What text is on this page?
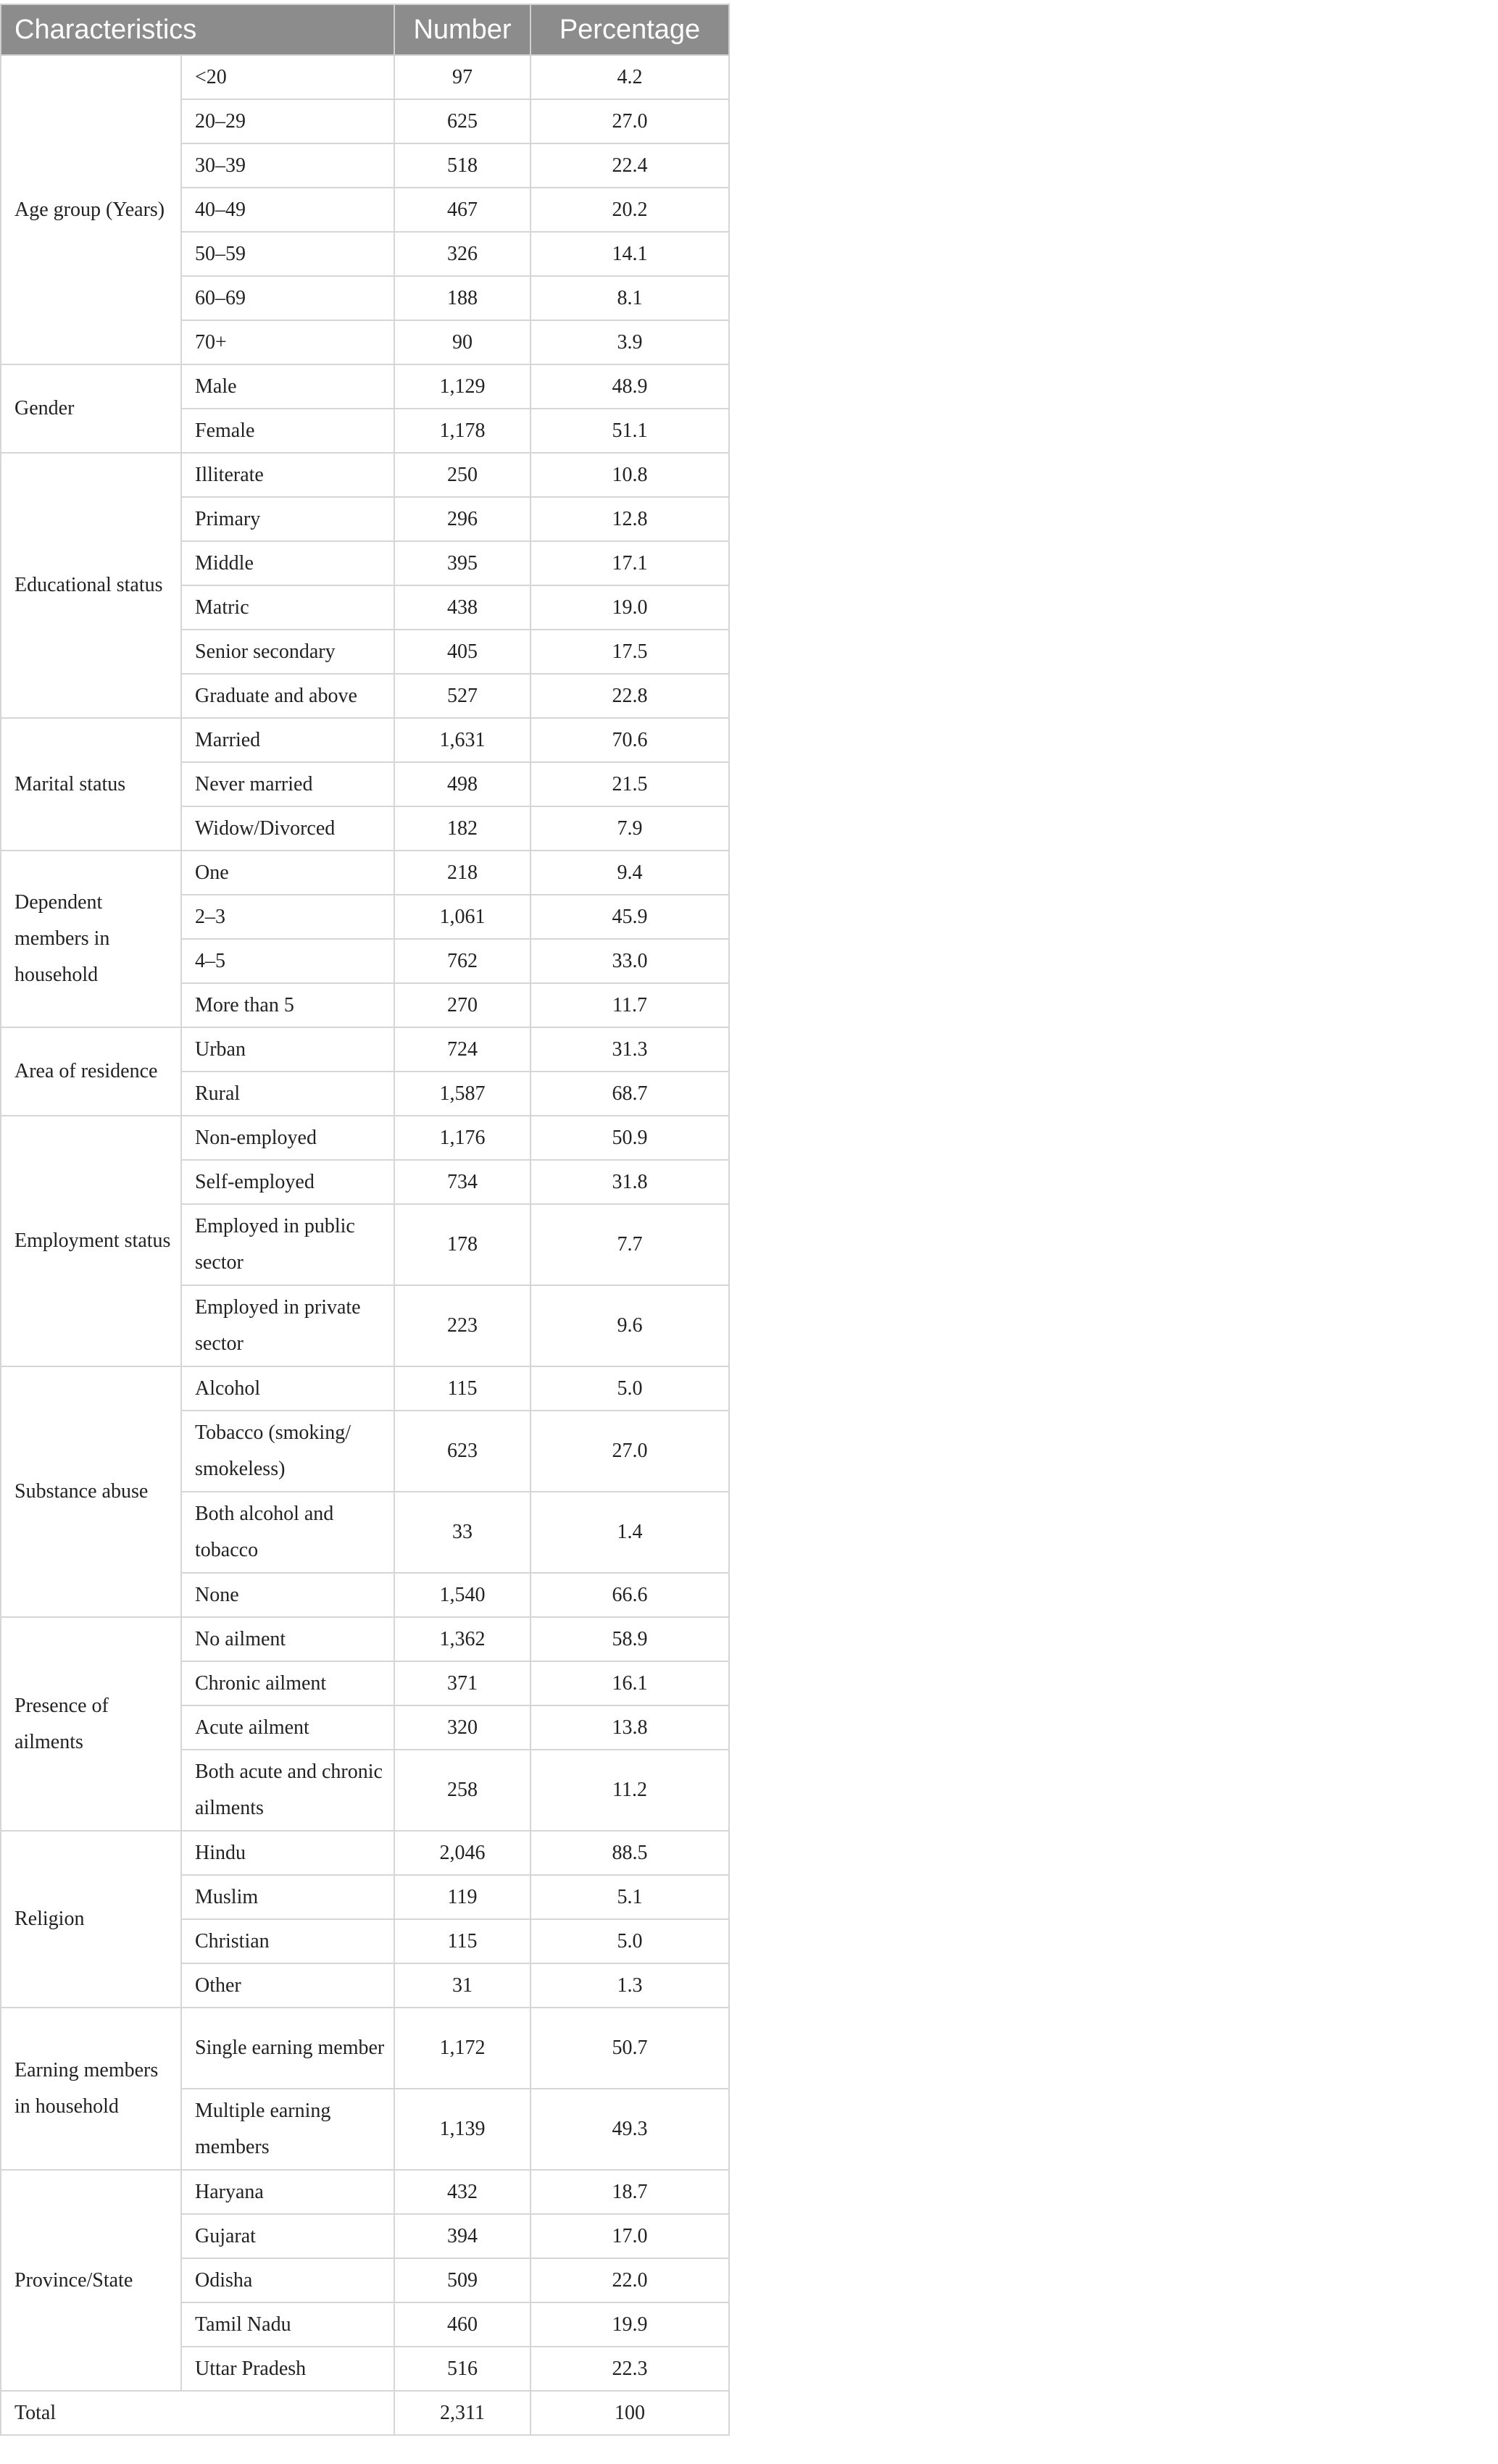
Characteristics		Number	Percentage
Age group (Years)	<20	97	4.2
	20–29	625	27.0
	30–39	518	22.4
	40–49	467	20.2
	50–59	326	14.1
	60–69	188	8.1
	70+	90	3.9
Gender	Male	1,129	48.9
	Female	1,178	51.1
Educational status	Illiterate	250	10.8
	Primary	296	12.8
	Middle	395	17.1
	Matric	438	19.0
	Senior secondary	405	17.5
	Graduate and above	527	22.8
Marital status	Married	1,631	70.6
	Never married	498	21.5
	Widow/Divorced	182	7.9
Dependent members in household	One	218	9.4
	2–3	1,061	45.9
	4–5	762	33.0
	More than 5	270	11.7
Area of residence	Urban	724	31.3
	Rural	1,587	68.7
Employment status	Non-employed	1,176	50.9
	Self-employed	734	31.8
	Employed in public sector	178	7.7
	Employed in private sector	223	9.6
Substance abuse	Alcohol	115	5.0
	Tobacco (smoking/ smokeless)	623	27.0
	Both alcohol and tobacco	33	1.4
	None	1,540	66.6
Presence of ailments	No ailment	1,362	58.9
	Chronic ailment	371	16.1
	Acute ailment	320	13.8
	Both acute and chronic ailments	258	11.2
Religion	Hindu	2,046	88.5
	Muslim	119	5.1
	Christian	115	5.0
	Other	31	1.3
Earning members in household	Single earning member	1,172	50.7
	Multiple earning members	1,139	49.3
Province/State	Haryana	432	18.7
	Gujarat	394	17.0
	Odisha	509	22.0
	Tamil Nadu	460	19.9
	Uttar Pradesh	516	22.3
Total		2,311	100
